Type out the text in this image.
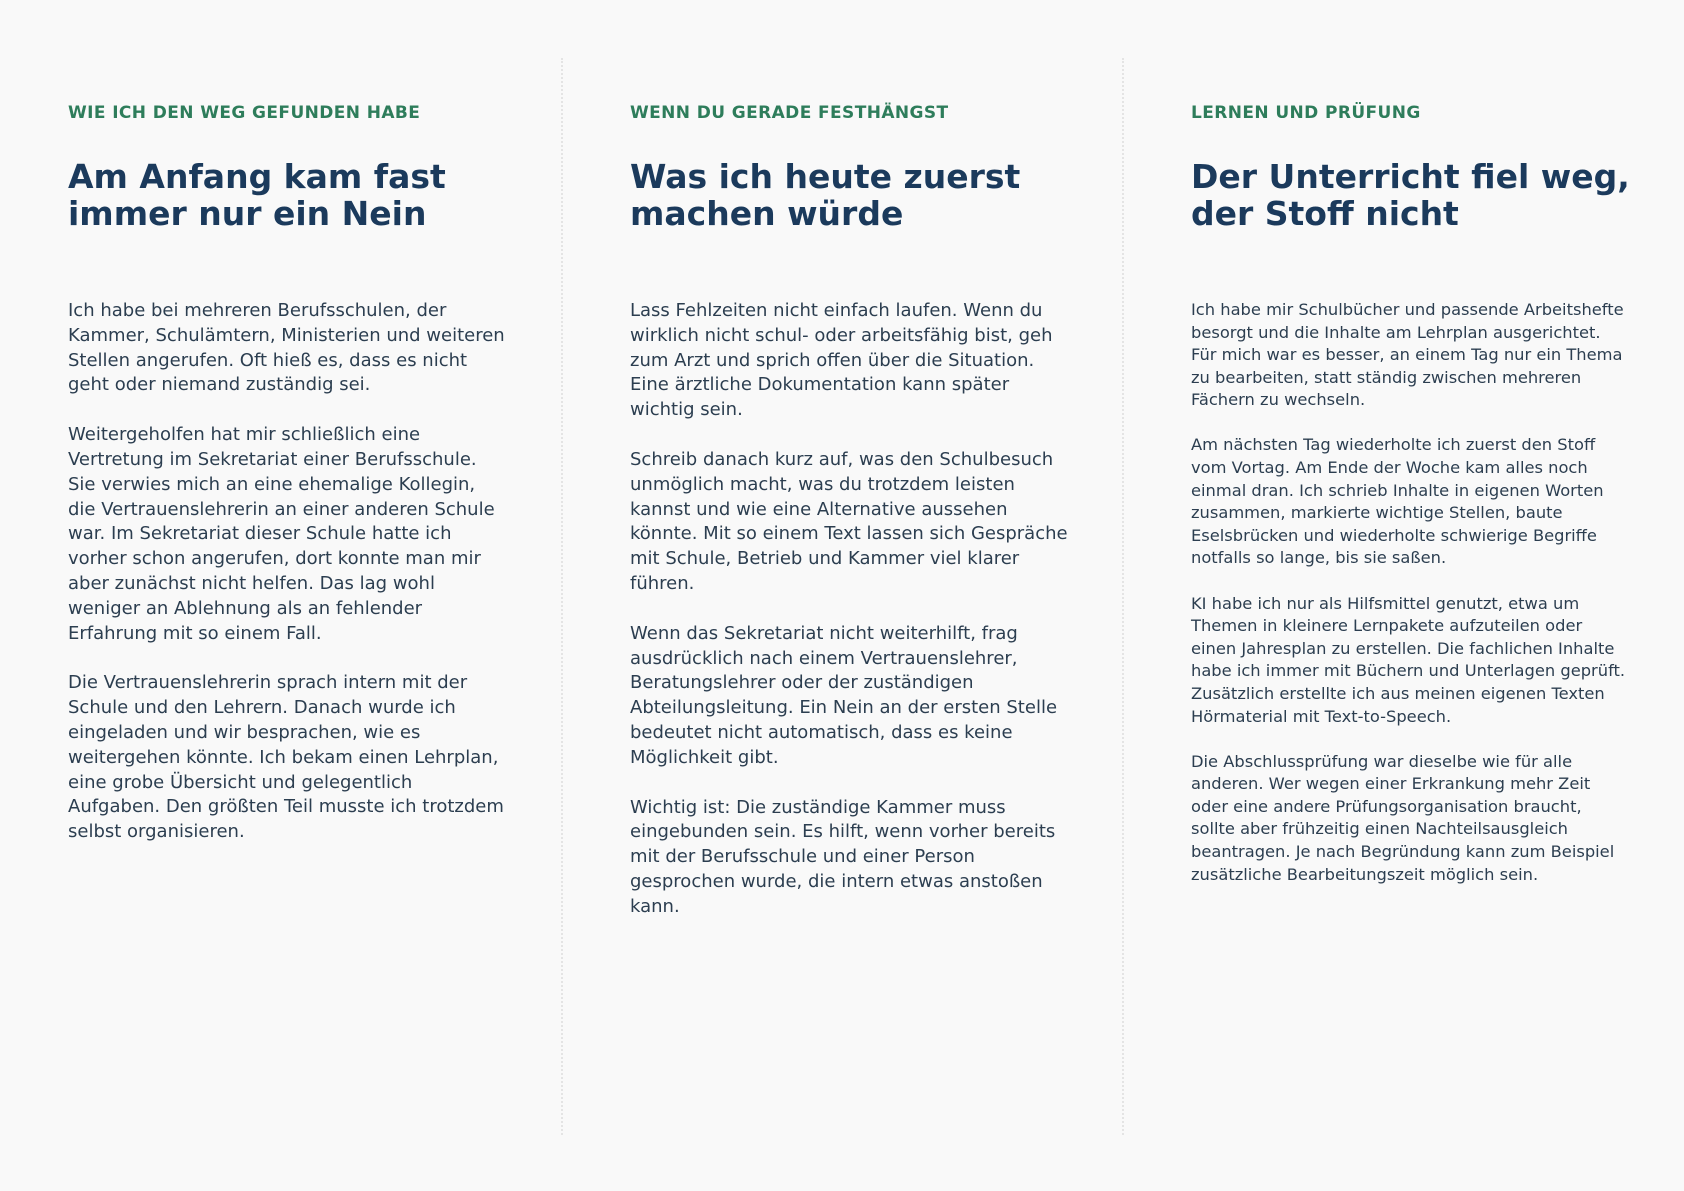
WIE ICH DEN WEG GEFUNDEN HABE
Am Anfang kam fast
immer nur ein Nein

Ich habe bei mehreren Berufsschulen, der Kammer, Schulämtern, Ministerien und weiteren Stellen angerufen. Oft hieß es, dass es nicht geht oder niemand zuständig sei.

Weitergeholfen hat mir schließlich eine Vertretung im Sekretariat einer Berufsschule. Sie verwies mich an eine ehemalige Kollegin, die Vertrauenslehrerin an einer anderen Schule war. Im Sekretariat dieser Schule hatte ich vorher schon angerufen, dort konnte man mir aber zunächst nicht helfen. Das lag wohl weniger an Ablehnung als an fehlender Erfahrung mit so einem Fall.

Die Vertrauenslehrerin sprach intern mit der Schule und den Lehrern. Danach wurde ich eingeladen und wir besprachen, wie es weitergehen könnte. Ich bekam einen Lehrplan, eine grobe Übersicht und gelegentlich Aufgaben. Den größten Teil musste ich trotzdem selbst organisieren.

WENN DU GERADE FESTHÄNGST
Was ich heute zuerst
machen würde

Lass Fehlzeiten nicht einfach laufen. Wenn du wirklich nicht schul- oder arbeitsfähig bist, geh zum Arzt und sprich offen über die Situation. Eine ärztliche Dokumentation kann später wichtig sein.

Schreib danach kurz auf, was den Schulbesuch unmöglich macht, was du trotzdem leisten kannst und wie eine Alternative aussehen könnte. Mit so einem Text lassen sich Gespräche mit Schule, Betrieb und Kammer viel klarer führen.

Wenn das Sekretariat nicht weiterhilft, frag ausdrücklich nach einem Vertrauenslehrer, Beratungslehrer oder der zuständigen Abteilungsleitung. Ein Nein an der ersten Stelle bedeutet nicht automatisch, dass es keine Möglichkeit gibt.

Wichtig ist: Die zuständige Kammer muss eingebunden sein. Es hilft, wenn vorher bereits mit der Berufsschule und einer Person gesprochen wurde, die intern etwas anstoßen kann.

LERNEN UND PRÜFUNG
Der Unterricht fiel weg,
der Stoff nicht

Ich habe mir Schulbücher und passende Arbeitshefte besorgt und die Inhalte am Lehrplan ausgerichtet. Für mich war es besser, an einem Tag nur ein Thema zu bearbeiten, statt ständig zwischen mehreren Fächern zu wechseln.

Am nächsten Tag wiederholte ich zuerst den Stoff vom Vortag. Am Ende der Woche kam alles noch einmal dran. Ich schrieb Inhalte in eigenen Worten zusammen, markierte wichtige Stellen, baute Eselsbrücken und wiederholte schwierige Begriffe notfalls so lange, bis sie saßen.

KI habe ich nur als Hilfsmittel genutzt, etwa um Themen in kleinere Lernpakete aufzuteilen oder einen Jahresplan zu erstellen. Die fachlichen Inhalte habe ich immer mit Büchern und Unterlagen geprüft. Zusätzlich erstellte ich aus meinen eigenen Texten Hörmaterial mit Text-to-Speech.

Die Abschlussprüfung war dieselbe wie für alle anderen. Wer wegen einer Erkrankung mehr Zeit oder eine andere Prüfungsorganisation braucht, sollte aber frühzeitig einen Nachteilsausgleich beantragen. Je nach Begründung kann zum Beispiel zusätzliche Bearbeitungszeit möglich sein.
